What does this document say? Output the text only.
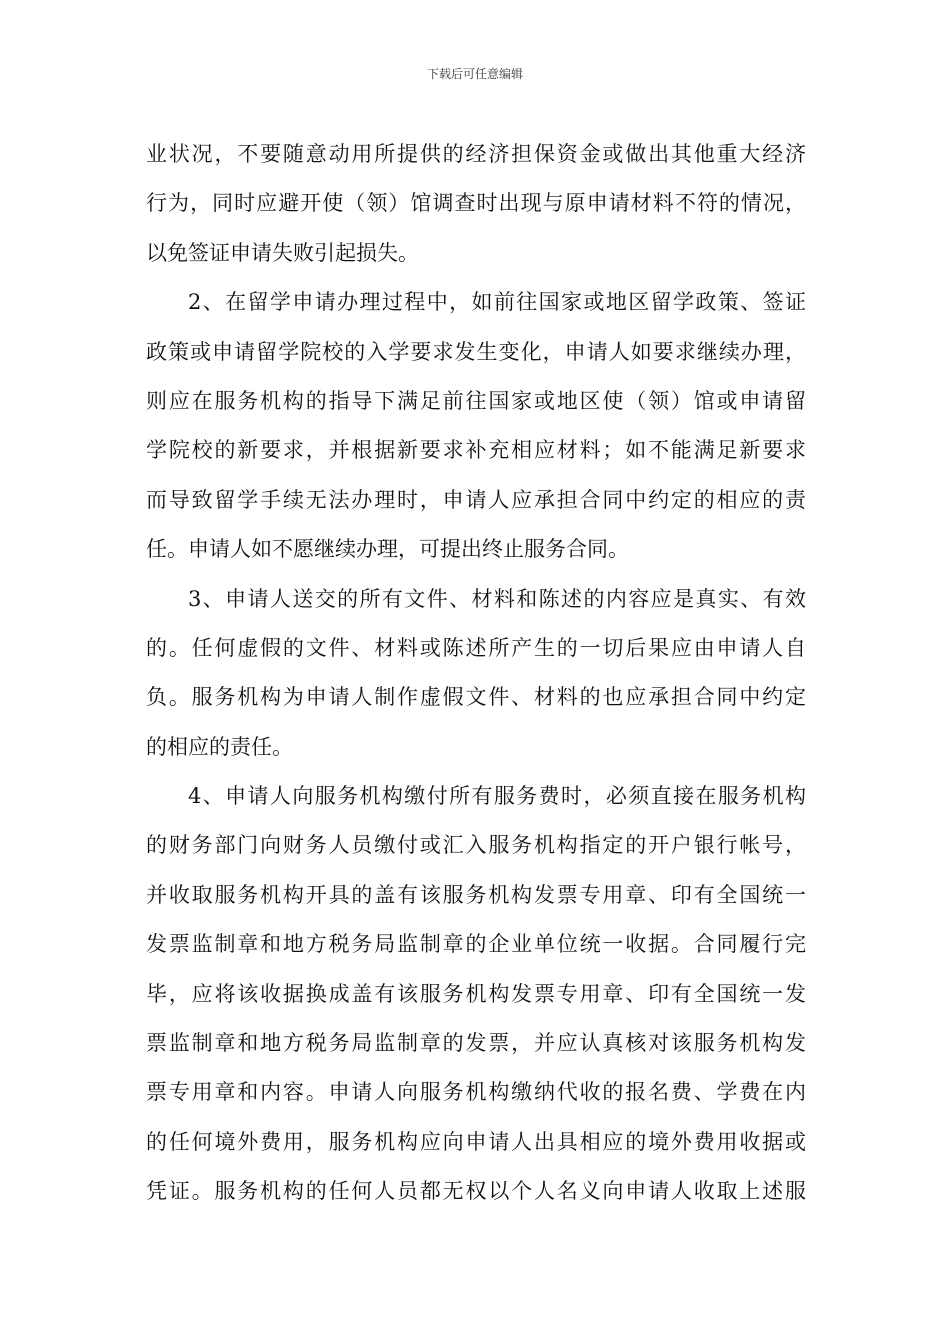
下载后可任意编辑
业状况，不要随意动用所提供的经济担保资金或做出其他重大经济
行为，同时应避开使（领）馆调查时出现与原申请材料不符的情况，
以免签证申请失败引起损失。
2、在留学申请办理过程中，如前往国家或地区留学政策、签证
政策或申请留学院校的入学要求发生变化，申请人如要求继续办理，
则应在服务机构的指导下满足前往国家或地区使（领）馆或申请留
学院校的新要求，并根据新要求补充相应材料；如不能满足新要求
而导致留学手续无法办理时，申请人应承担合同中约定的相应的责
任。申请人如不愿继续办理，可提出终止服务合同。
3、申请人送交的所有文件、材料和陈述的内容应是真实、有效
的。任何虚假的文件、材料或陈述所产生的一切后果应由申请人自
负。服务机构为申请人制作虚假文件、材料的也应承担合同中约定
的相应的责任。
4、申请人向服务机构缴付所有服务费时，必须直接在服务机构
的财务部门向财务人员缴付或汇入服务机构指定的开户银行帐号，
并收取服务机构开具的盖有该服务机构发票专用章、印有全国统一
发票监制章和地方税务局监制章的企业单位统一收据。合同履行完
毕，应将该收据换成盖有该服务机构发票专用章、印有全国统一发
票监制章和地方税务局监制章的发票，并应认真核对该服务机构发
票专用章和内容。申请人向服务机构缴纳代收的报名费、学费在内
的任何境外费用，服务机构应向申请人出具相应的境外费用收据或
凭证。服务机构的任何人员都无权以个人名义向申请人收取上述服
